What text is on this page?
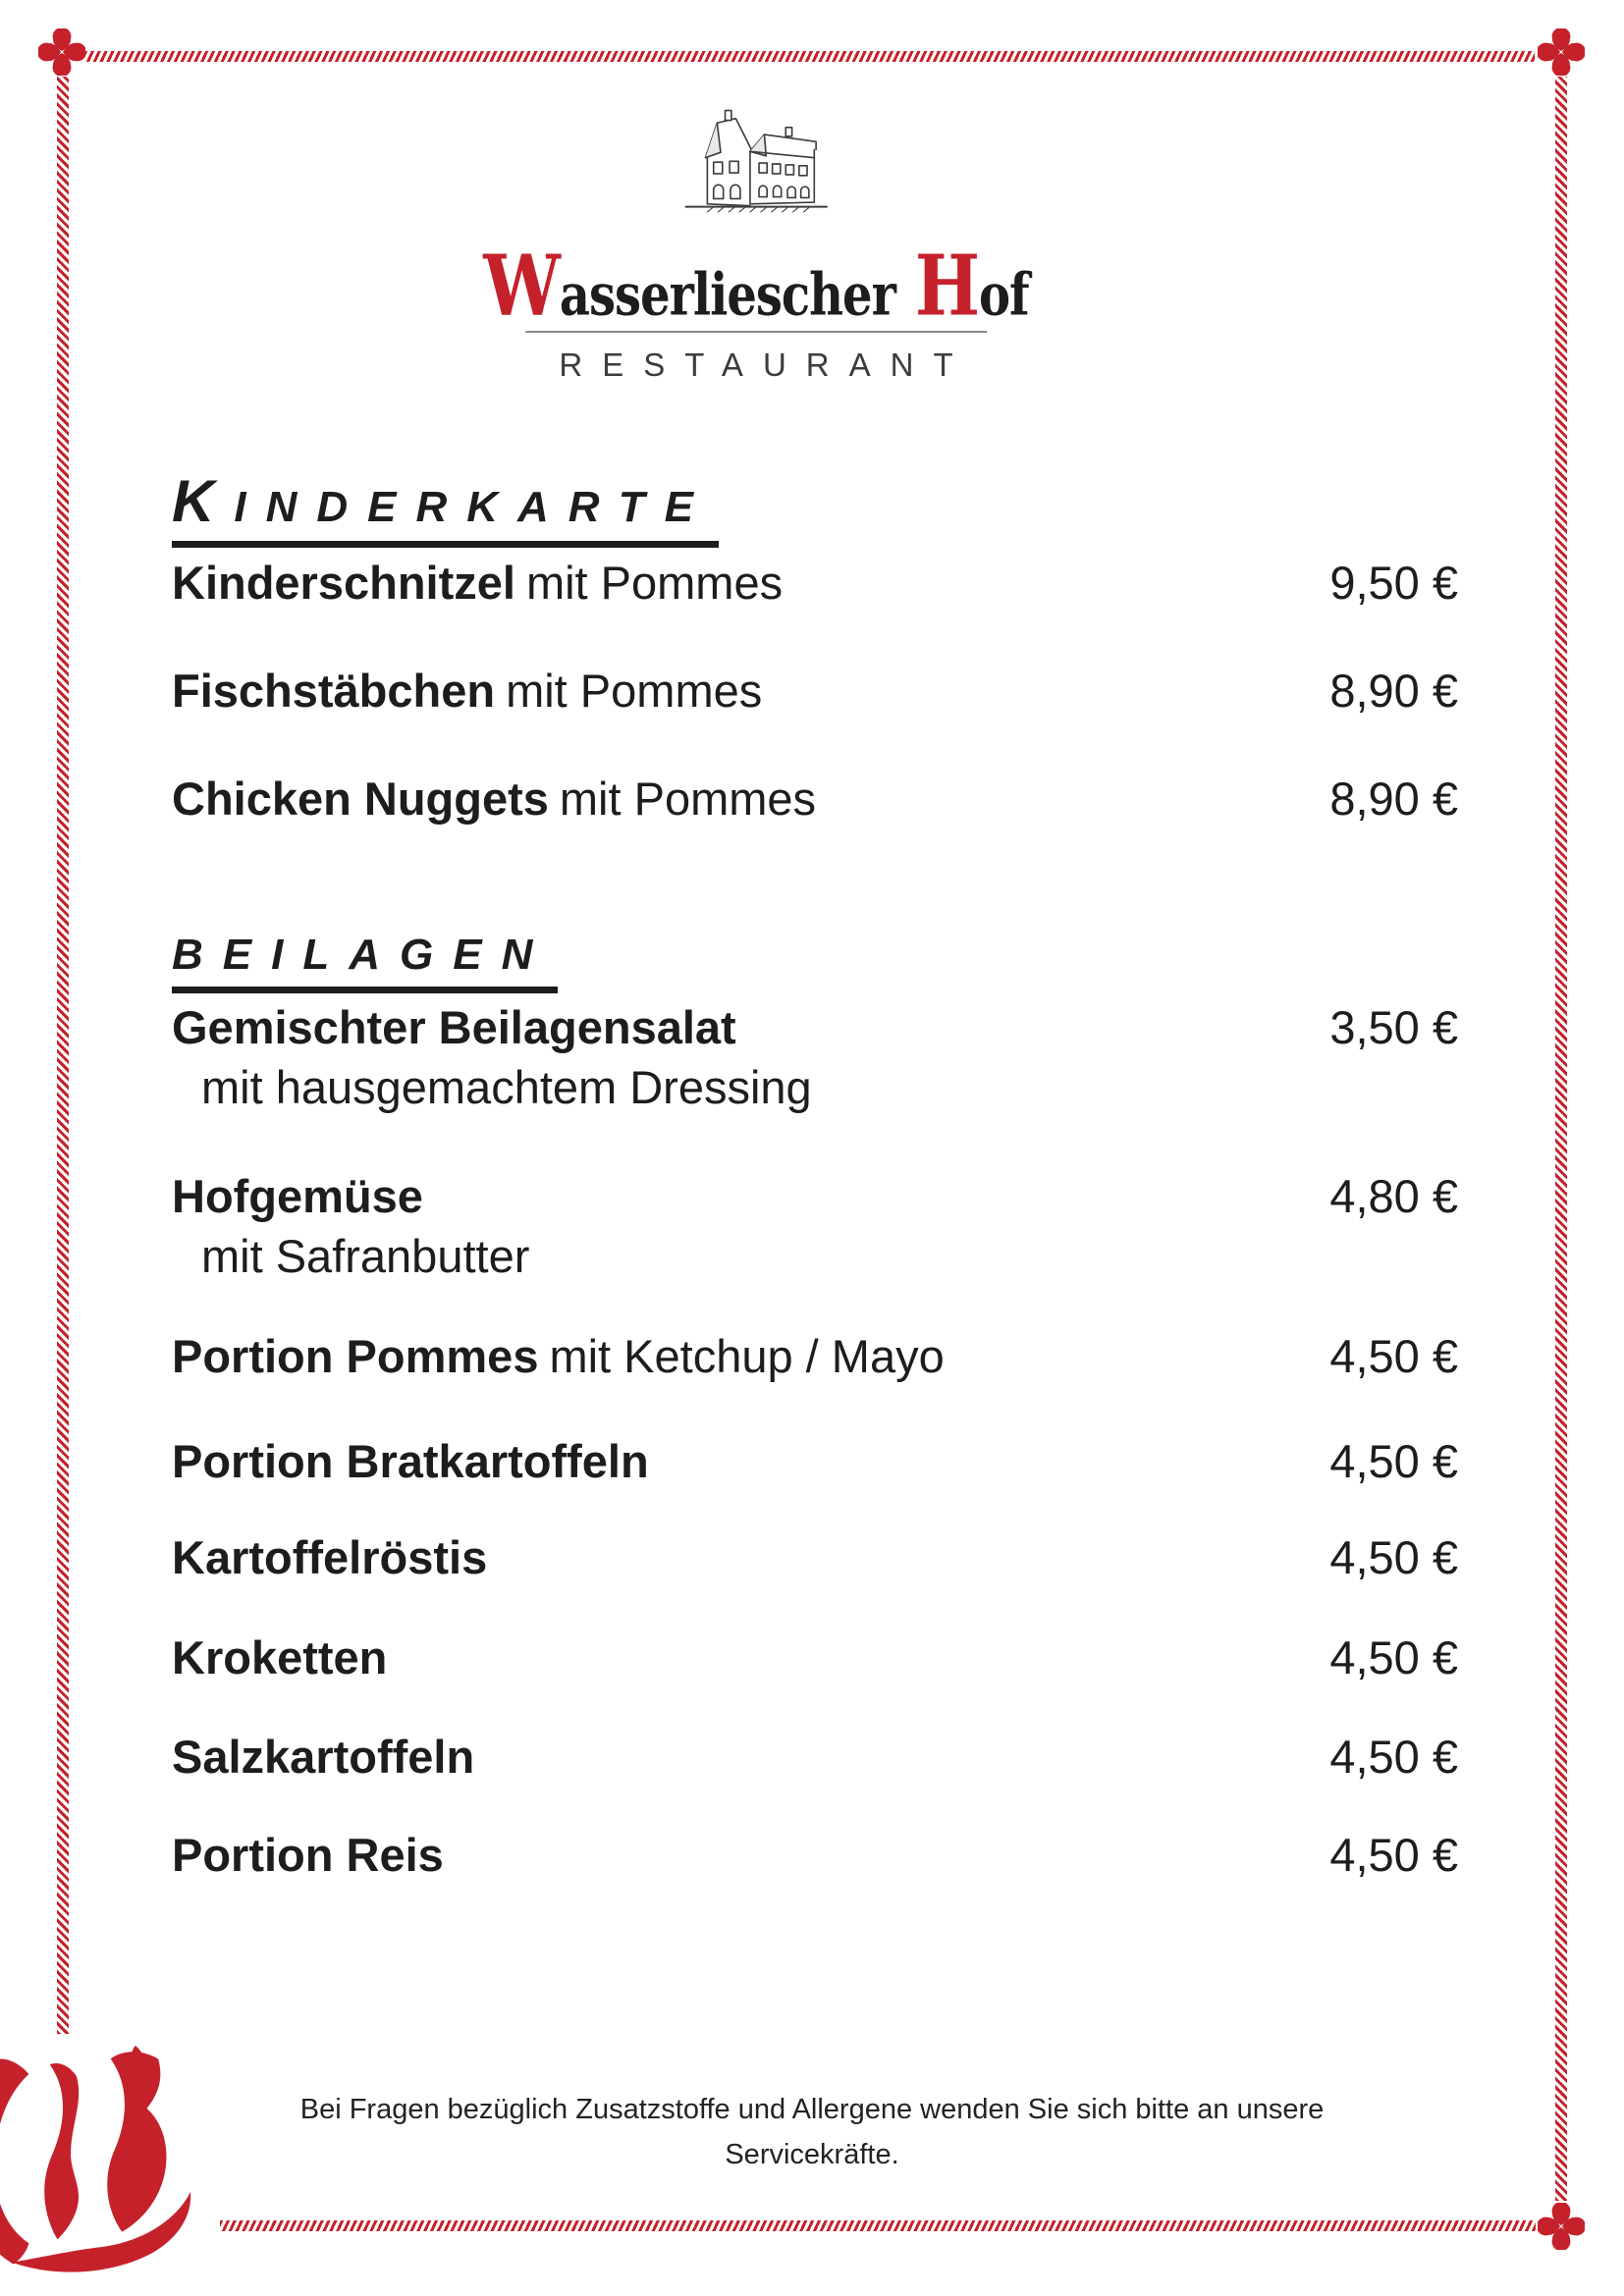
Wasserliescher Hof
RESTAURANT
KINDERKARTE
Kinderschnitzel mit Pommes	9,50 €
Fischstäbchen mit Pommes	8,90 €
Chicken Nuggets mit Pommes	8,90 €
BEILAGEN
Gemischter Beilagensalat	3,50 €
mit hausgemachtem Dressing
Hofgemüse	4,80 €
mit Safranbutter
Portion Pommes mit Ketchup / Mayo	4,50 €
Portion Bratkartoffeln	4,50 €
Kartoffelröstis	4,50 €
Kroketten	4,50 €
Salzkartoffeln	4,50 €
Portion Reis	4,50 €
Bei Fragen bezüglich Zusatzstoffe und Allergene wenden Sie sich bitte an unsere
Servicekräfte.
